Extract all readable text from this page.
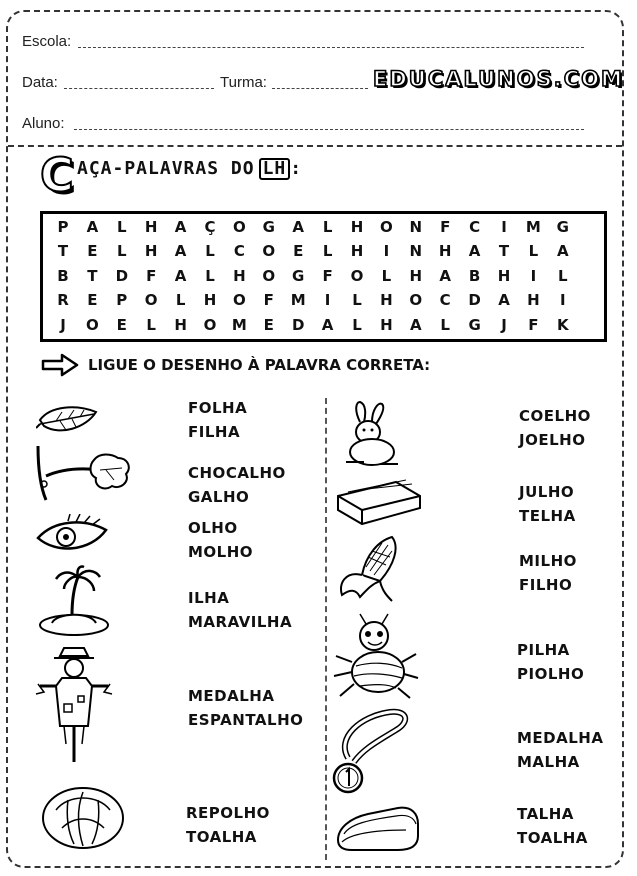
Escola:
Data:	Turma:	EDUCALUNOS.COM
Aluno:
C AÇA-PALAVRAS DO LH :
P	A	L	H	A	Ç	O	G	A	L	H	O	N	F	C	I	M	G
T	E	L	H	A	L	C	O	E	L	H	I	N	H	A	T	L	A
B	T	D	F	A	L	H	O	G	F	O	L	H	A	B	H	I	L
R	E	P	O	L	H	O	F	M	I	L	H	O	C	D	A	H	I
J	O	E	L	H	O	M	E	D	A	L	H	A	L	G	J	F	K
LIGUE O DESENHO À PALAVRA CORRETA:
FOLHA
FILHA
CHOCALHO
GALHO
OLHO
MOLHO
ILHA
MARAVILHA
MEDALHA
ESPANTALHO
REPOLHO
TOALHA
COELHO
JOELHO
JULHO
TELHA
MILHO
FILHO
PILHA
PIOLHO
MEDALHA
MALHA
TALHA
TOALHA
